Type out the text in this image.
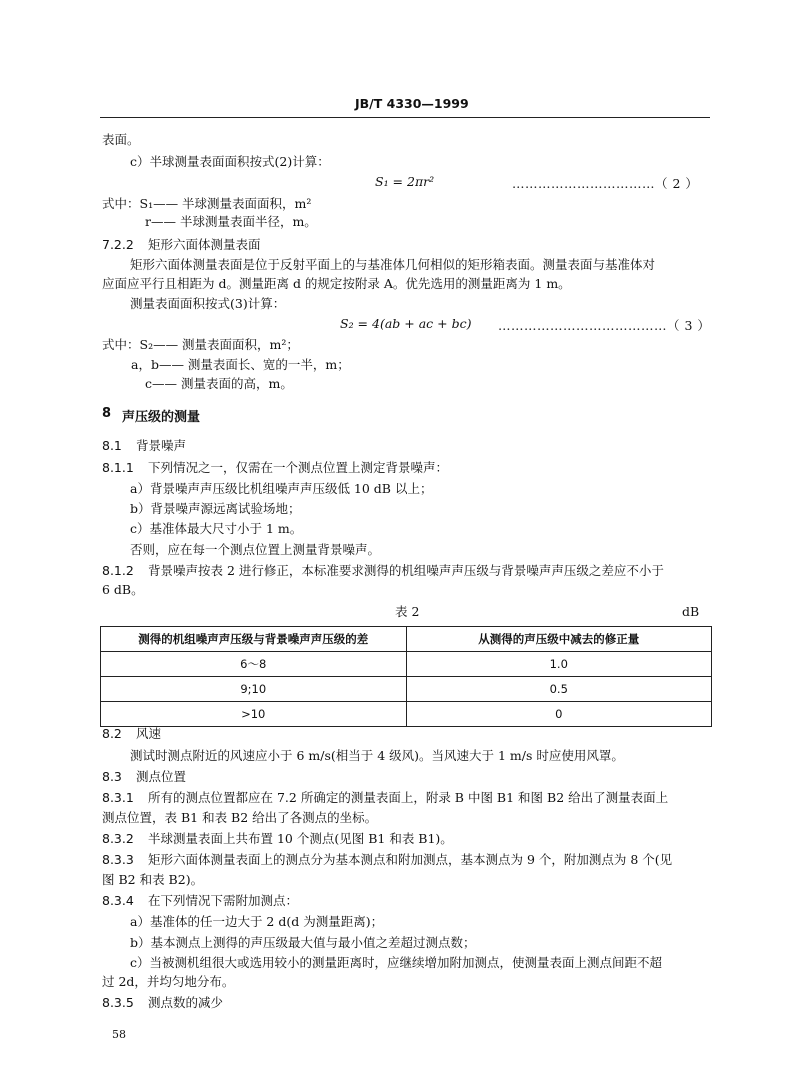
JB/T 4330—1999
表面。
c）半球测量表面面积按式(2)计算：
S₁ = 2πr²	……………………………（ 2 ）
式中：S₁—— 半球测量表面面积，m²
r—— 半球测量表面半径，m。
7.2.2 矩形六面体测量表面
矩形六面体测量表面是位于反射平面上的与基准体几何相似的矩形箱表面。测量表面与基准体对
应面应平行且相距为 d。测量距离 d 的规定按附录 A。优先选用的测量距离为 1 m。
测量表面面积按式(3)计算：
S₂ = 4(ab + ac + bc) …………………………………（ 3 ）
式中：S₂—— 测量表面面积，m²；
a，b—— 测量表面长、宽的一半，m；
c—— 测量表面的高，m。
8 声压级的测量
8.1 背景噪声
8.1.1 下列情况之一，仅需在一个测点位置上测定背景噪声：
a）背景噪声声压级比机组噪声声压级低 10 dB 以上；
b）背景噪声源远离试验场地；
c）基准体最大尺寸小于 1 m。
否则，应在每一个测点位置上测量背景噪声。
8.1.2 背景噪声按表 2 进行修正，本标准要求测得的机组噪声声压级与背景噪声声压级之差应不小于
6 dB。
表 2	dB
测得的机组噪声声压级与背景噪声声压级的差	从测得的声压级中减去的修正量
6～8	1.0
9;10	0.5
>10	0
8.2 风速
测试时测点附近的风速应小于 6 m/s(相当于 4 级风)。当风速大于 1 m/s 时应使用风罩。
8.3 测点位置
8.3.1 所有的测点位置都应在 7.2 所确定的测量表面上，附录 B 中图 B1 和图 B2 给出了测量表面上
测点位置，表 B1 和表 B2 给出了各测点的坐标。
8.3.2 半球测量表面上共布置 10 个测点(见图 B1 和表 B1)。
8.3.3 矩形六面体测量表面上的测点分为基本测点和附加测点，基本测点为 9 个，附加测点为 8 个(见
图 B2 和表 B2)。
8.3.4 在下列情况下需附加测点：
a）基准体的任一边大于 2 d(d 为测量距离)；
b）基本测点上测得的声压级最大值与最小值之差超过测点数；
c）当被测机组很大或选用较小的测量距离时，应继续增加附加测点，使测量表面上测点间距不超
过 2d，并均匀地分布。
8.3.5 测点数的减少
58
